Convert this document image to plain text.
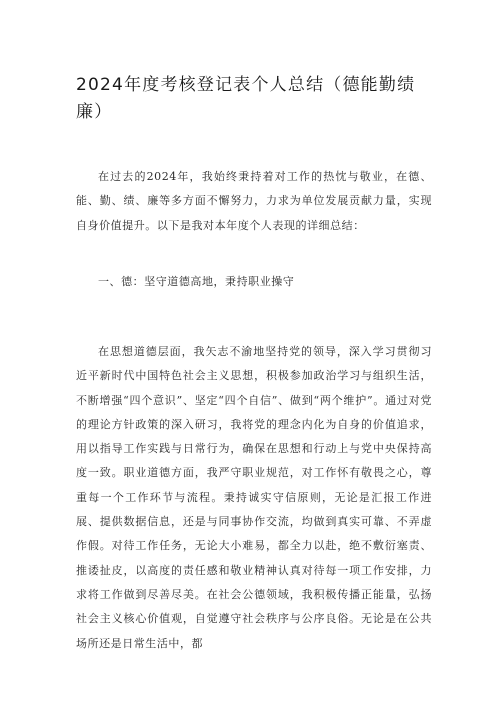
2024年度考核登记表个人总结（德能勤绩廉）

在过去的2024年，我始终秉持着对工作的热忱与敬业，在德、能、勤、绩、廉等多方面不懈努力，力求为单位发展贡献力量，实现自身价值提升。以下是我对本年度个人表现的详细总结：

一、德：坚守道德高地，秉持职业操守

在思想道德层面，我矢志不渝地坚持党的领导，深入学习贯彻习近平新时代中国特色社会主义思想，积极参加政治学习与组织生活，不断增强“四个意识”、坚定“四个自信”、做到“两个维护”。通过对党的理论方针政策的深入研习，我将党的理念内化为自身的价值追求，用以指导工作实践与日常行为，确保在思想和行动上与党中央保持高度一致。职业道德方面，我严守职业规范，对工作怀有敬畏之心，尊重每一个工作环节与流程。秉持诚实守信原则，无论是汇报工作进展、提供数据信息，还是与同事协作交流，均做到真实可靠、不弄虚作假。对待工作任务，无论大小难易，都全力以赴，绝不敷衍塞责、推诿扯皮，以高度的责任感和敬业精神认真对待每一项工作安排，力求将工作做到尽善尽美。在社会公德领域，我积极传播正能量，弘扬社会主义核心价值观，自觉遵守社会秩序与公序良俗。无论是在公共场所还是日常生活中，都
